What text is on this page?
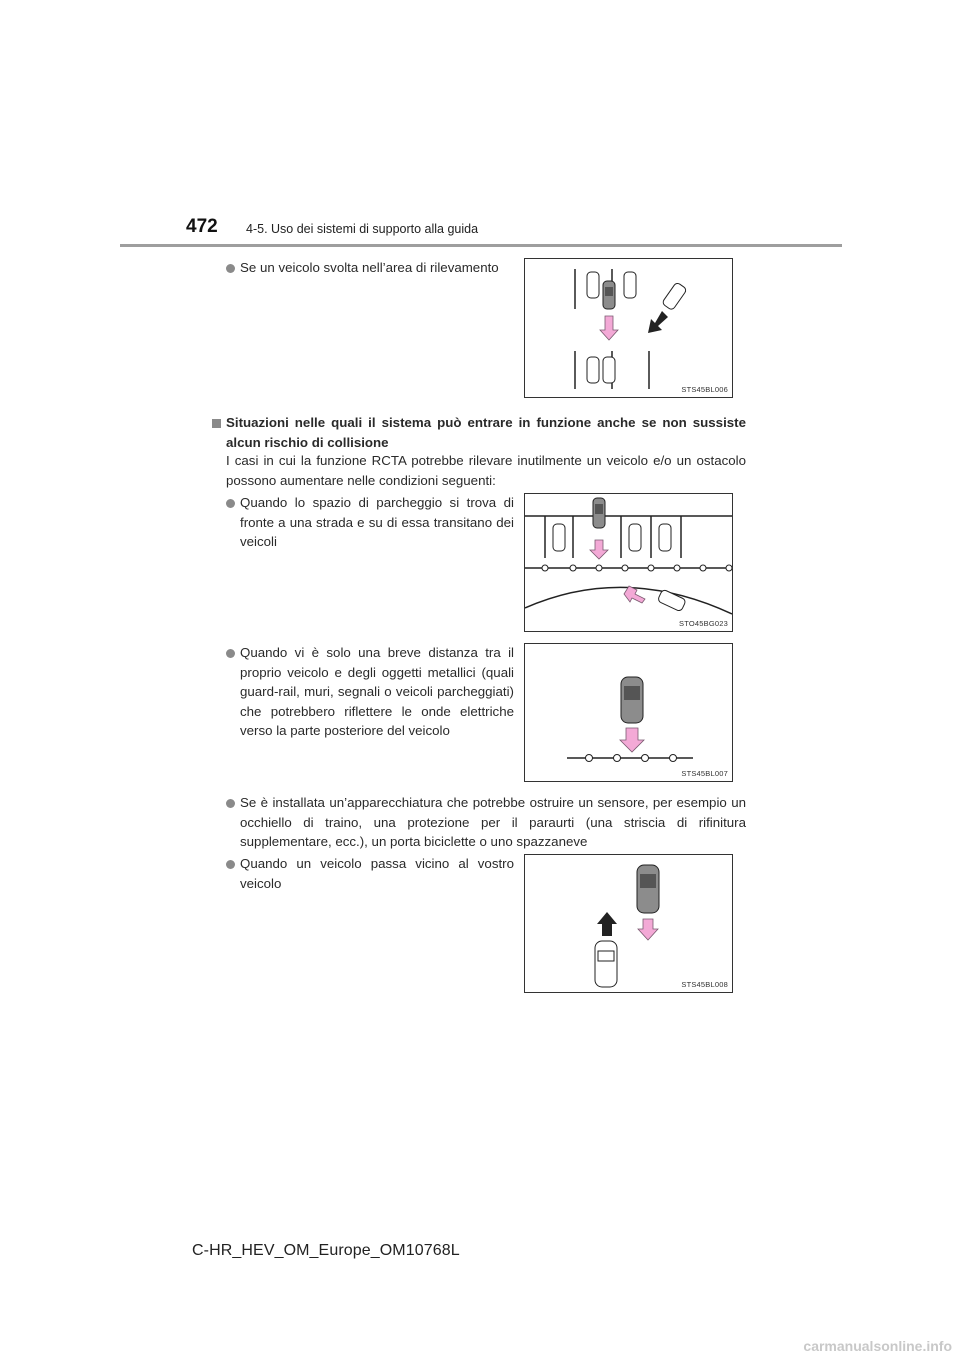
472 4-5. Uso dei sistemi di supporto alla guida
Se un veicolo svolta nell’area di rilevamento
STS45BL006
Situazioni nelle quali il sistema può entrare in funzione anche se non sussiste alcun rischio di collisione
I casi in cui la funzione RCTA potrebbe rilevare inutilmente un veicolo e/o un ostacolo possono aumentare nelle condizioni seguenti:
Quando lo spazio di parcheggio si trova di fronte a una strada e su di essa transitano dei veicoli
STO45BG023
Quando vi è solo una breve distanza tra il proprio veicolo e degli oggetti metallici (quali guard-rail, muri, segnali o veicoli parcheggiati) che potrebbero riflettere le onde elettriche verso la parte posteriore del veicolo
STS45BL007
Se è installata un’apparecchiatura che potrebbe ostruire un sensore, per esempio un occhiello di traino, una protezione per il paraurti (una striscia di rifinitura supplementare, ecc.), un porta biciclette o uno spazzaneve
Quando un veicolo passa vicino al vostro veicolo
STS45BL008
C-HR_HEV_OM_Europe_OM10768L
carmanualsonline.info
